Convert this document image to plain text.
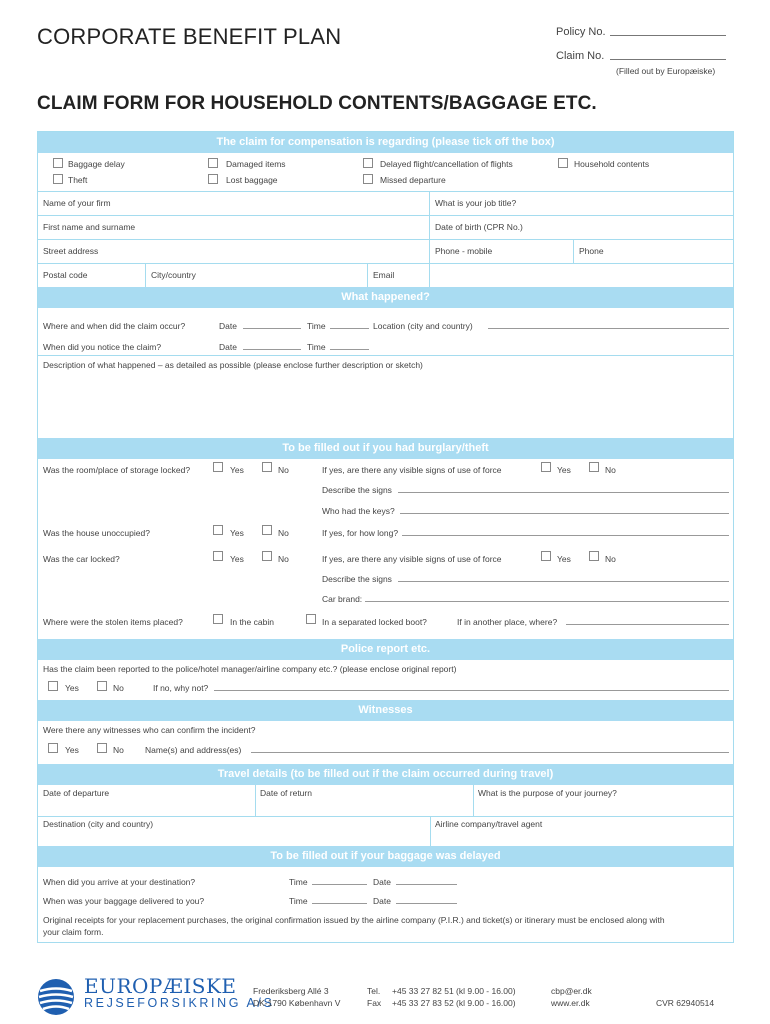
CORPORATE BENEFIT PLAN	Policy No.
Claim No.
(Filled out by Europæiske)
CLAIM FORM FOR HOUSEHOLD CONTENTS/BAGGAGE ETC.
The claim for compensation is regarding (please tick off the box)
Baggage delay	Damaged items	Delayed flight/cancellation of flights	Household contents
Theft	Lost baggage	Missed departure
Name of your firm	What is your job title?
First name and surname	Date of birth (CPR No.)
Street address	Phone - mobile	Phone
Postal code	City/country	Email
What happened?
Where and when did the claim occur?	Date	Time	Location (city and country)
When did you notice the claim?	Date	Time
Description of what happened – as detailed as possible (please enclose further description or sketch)
To be filled out if you had burglary/theft
Was the room/place of storage locked?	Yes	No	If yes, are there any visible signs of use of force	Yes	No
Describe the signs
Who had the keys?
Was the house unoccupied?	Yes	No	If yes, for how long?
Was the car locked?	Yes	No	If yes, are there any visible signs of use of force	Yes	No
Describe the signs
Car brand:
Where were the stolen items placed?	In the cabin	In a separated locked boot?	If in another place, where?
Police report etc.
Has the claim been reported to the police/hotel manager/airline company etc.? (please enclose original report)
Yes	No	If no, why not?
Witnesses
Were there any witnesses who can confirm the incident?
Yes	No Name(s) and address(es)
Travel details (to be filled out if the claim occurred during travel)
Date of departure	Date of return	What is the purpose of your journey?
Destination (city and country)	Airline company/travel agent
To be filled out if your baggage was delayed
When did you arrive at your destination?	Time	Date
When was your baggage delivered to you?	Time	Date
Original receipts for your replacement purchases, the original confirmation issued by the airline company (P.I.R.) and ticket(s) or itinerary must be enclosed along with
your claim form.
EUROPÆISKE
REJSEFORSIKRING A/S
Frederiksberg Allé 3
DK-1790 København V
Tel. +45 33 27 82 51 (kl 9.00 - 16.00)
Fax +45 33 27 83 52 (kl 9.00 - 16.00)
cbp@er.dk
www.er.dk	CVR 62940514
